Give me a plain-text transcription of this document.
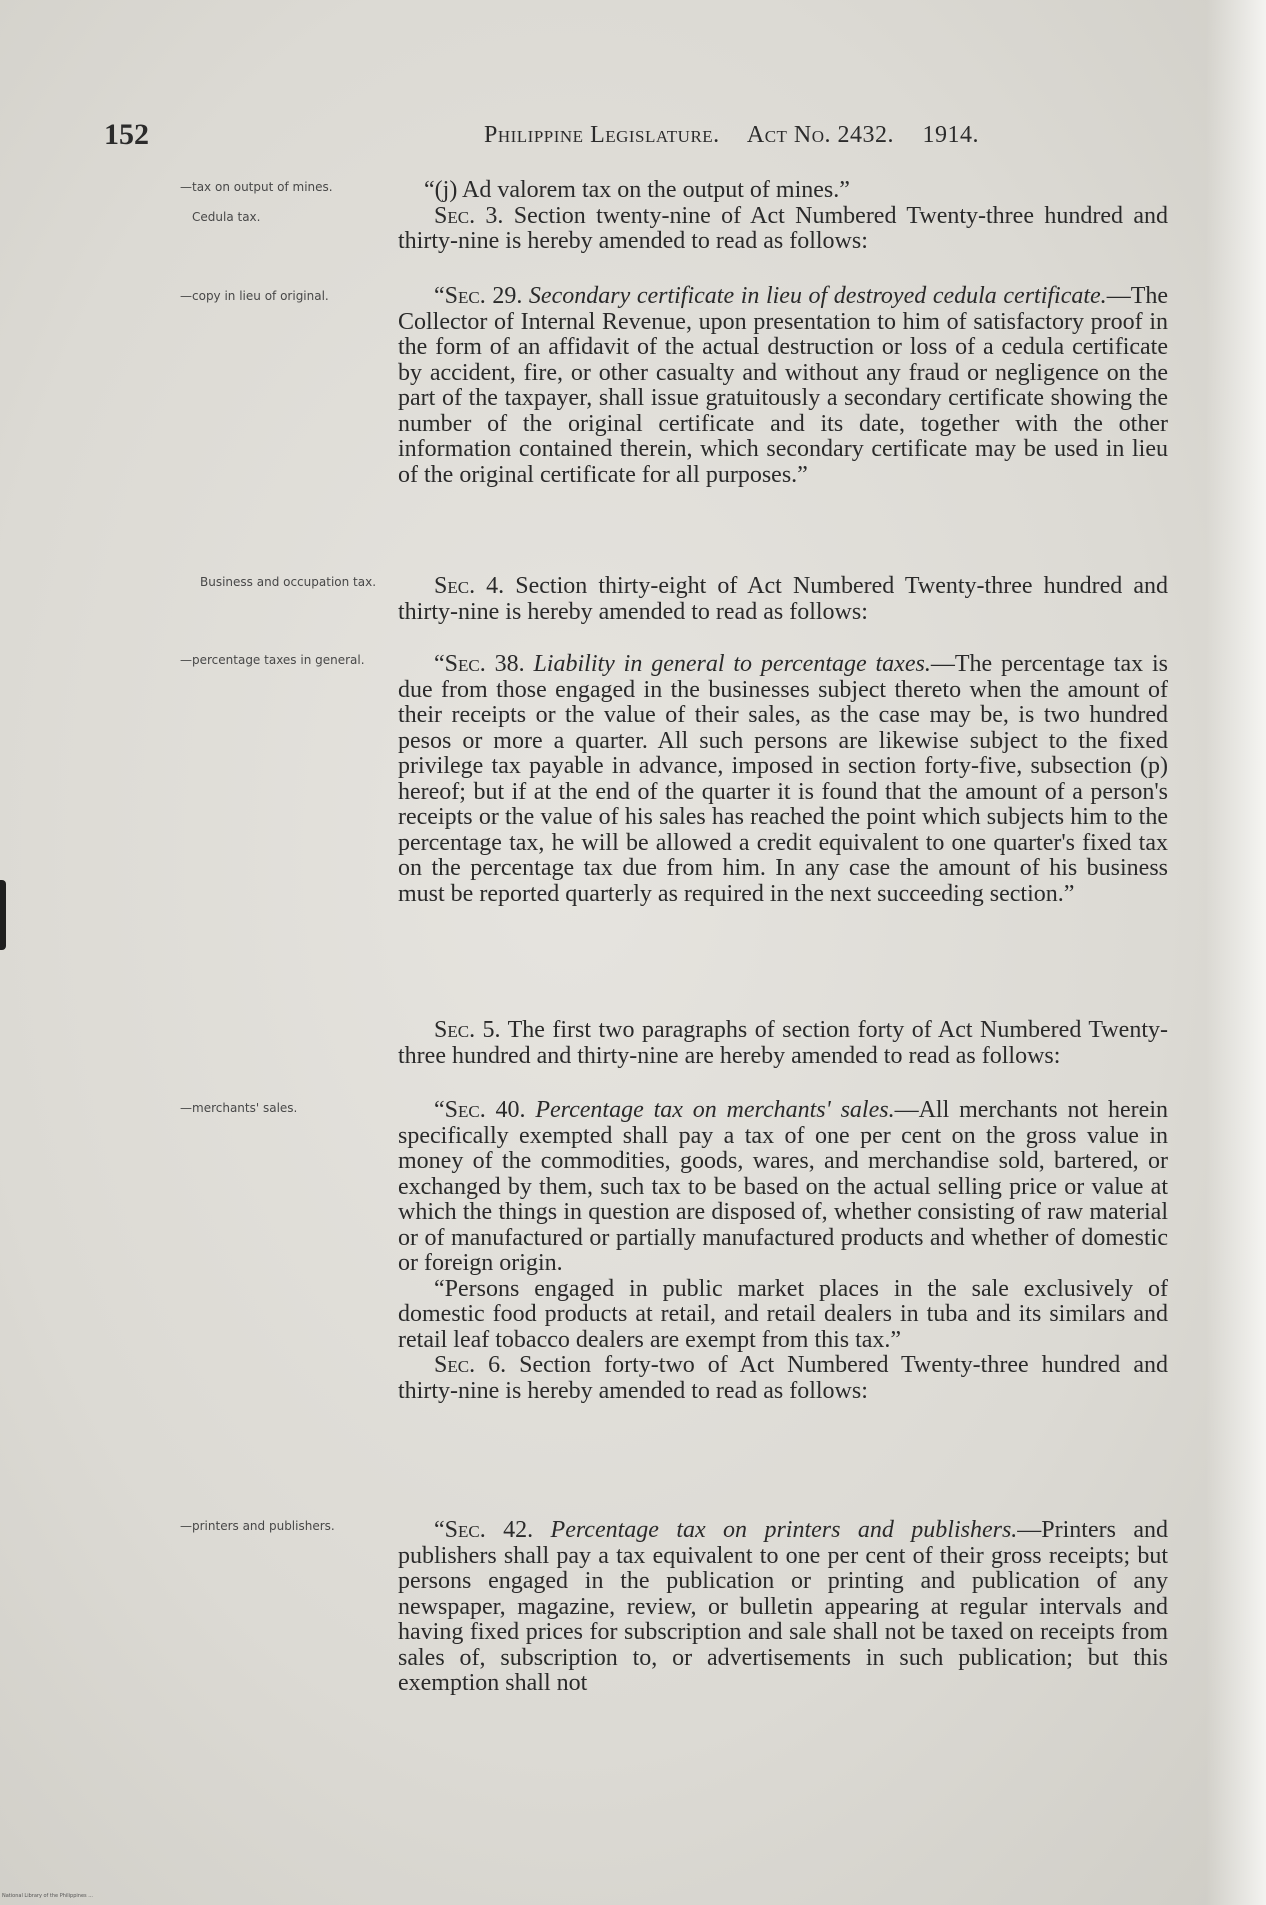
152	Philippine Legislature. Act No. 2432. 1914.
—tax on output of mines.
Cedula tax.
—copy in lieu of original.
Business and occupation tax.
—percentage taxes in general.
—merchants' sales.
—printers and publishers.

“(j) Ad valorem tax on the output of mines.”

Sec. 3. Section twenty-nine of Act Numbered Twenty-three hundred and thirty-nine is hereby amended to read as follows:

“Sec. 29. Secondary certificate in lieu of destroyed cedula certificate.—The Collector of Internal Revenue, upon presentation to him of satisfactory proof in the form of an affidavit of the actual destruction or loss of a cedula certificate by accident, fire, or other casualty and without any fraud or negligence on the part of the taxpayer, shall issue gratuitously a secondary certificate showing the number of the original certificate and its date, together with the other information contained therein, which secondary certificate may be used in lieu of the original certificate for all purposes.”

Sec. 4. Section thirty-eight of Act Numbered Twenty-three hundred and thirty-nine is hereby amended to read as follows:

“Sec. 38. Liability in general to percentage taxes.—The percentage tax is due from those engaged in the businesses subject thereto when the amount of their receipts or the value of their sales, as the case may be, is two hundred pesos or more a quarter. All such persons are likewise subject to the fixed privilege tax payable in advance, imposed in section forty-five, subsection (p) hereof; but if at the end of the quarter it is found that the amount of a person's receipts or the value of his sales has reached the point which subjects him to the percentage tax, he will be allowed a credit equivalent to one quarter's fixed tax on the percentage tax due from him. In any case the amount of his business must be reported quarterly as required in the next succeeding section.”

Sec. 5. The first two paragraphs of section forty of Act Numbered Twenty-three hundred and thirty-nine are hereby amended to read as follows:

“Sec. 40. Percentage tax on merchants' sales.—All merchants not herein specifically exempted shall pay a tax of one per cent on the gross value in money of the commodities, goods, wares, and merchandise sold, bartered, or exchanged by them, such tax to be based on the actual selling price or value at which the things in question are disposed of, whether consisting of raw material or of manufactured or partially manufactured products and whether of domestic or foreign origin.

“Persons engaged in public market places in the sale exclusively of domestic food products at retail, and retail dealers in tuba and its similars and retail leaf tobacco dealers are exempt from this tax.”

Sec. 6. Section forty-two of Act Numbered Twenty-three hundred and thirty-nine is hereby amended to read as follows:

“Sec. 42. Percentage tax on printers and publishers.—Printers and publishers shall pay a tax equivalent to one per cent of their gross receipts; but persons engaged in the publication or printing and publication of any newspaper, magazine, review, or bulletin appearing at regular intervals and having fixed prices for subscription and sale shall not be taxed on receipts from sales of, subscription to, or advertisements in such publication; but this exemption shall not

National Library of the Philippines ...
